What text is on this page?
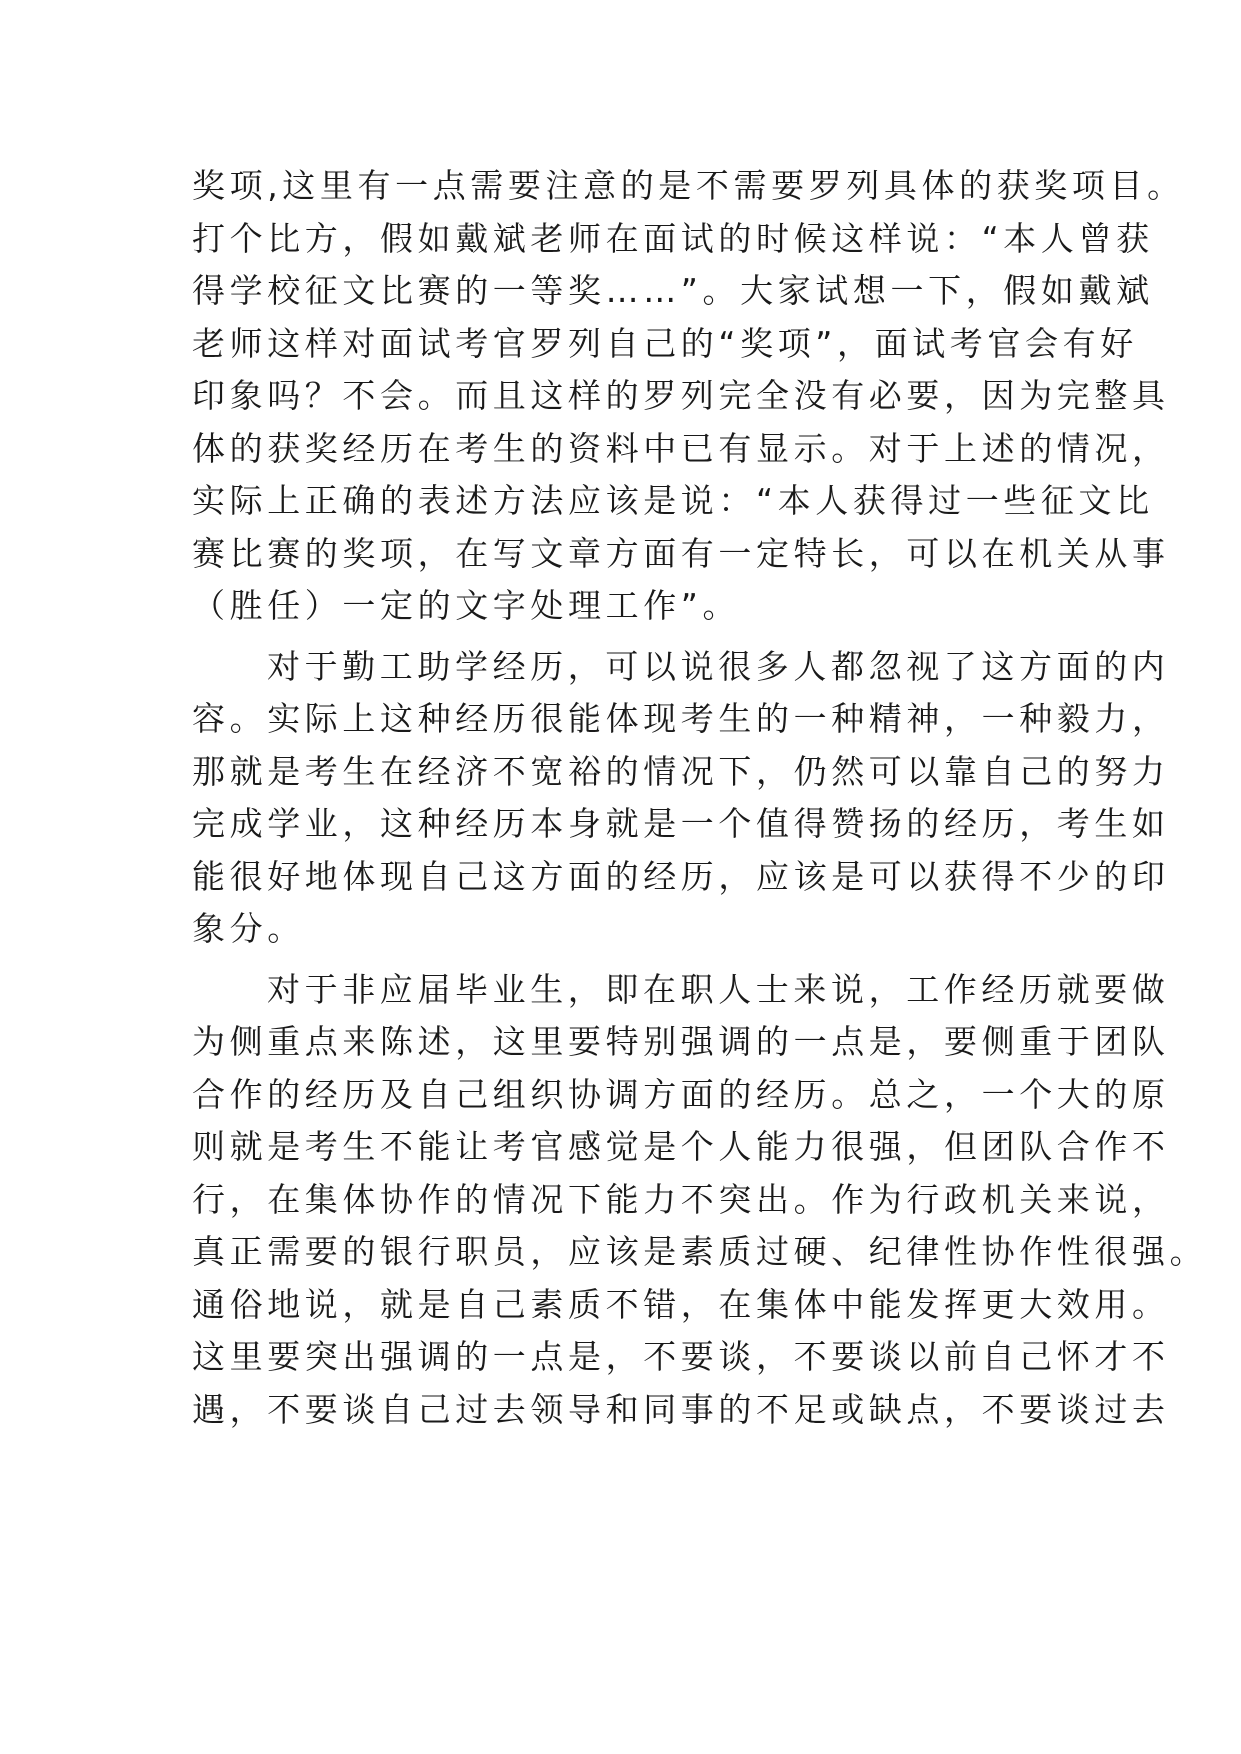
奖项,这里有一点需要注意的是不需要罗列具体的获奖项目。
打个比方，假如戴斌老师在面试的时候这样说：“本人曾获
得学校征文比赛的一等奖……”。大家试想一下，假如戴斌
老师这样对面试考官罗列自己的“奖项”，面试考官会有好
印象吗？不会。而且这样的罗列完全没有必要，因为完整具
体的获奖经历在考生的资料中已有显示。对于上述的情况，
实际上正确的表述方法应该是说：“本人获得过一些征文比
赛比赛的奖项，在写文章方面有一定特长，可以在机关从事
（胜任）一定的文字处理工作”。
对于勤工助学经历，可以说很多人都忽视了这方面的内
容。实际上这种经历很能体现考生的一种精神，一种毅力，
那就是考生在经济不宽裕的情况下，仍然可以靠自己的努力
完成学业，这种经历本身就是一个值得赞扬的经历，考生如
能很好地体现自己这方面的经历，应该是可以获得不少的印
象分。
对于非应届毕业生，即在职人士来说，工作经历就要做
为侧重点来陈述，这里要特别强调的一点是，要侧重于团队
合作的经历及自己组织协调方面的经历。总之，一个大的原
则就是考生不能让考官感觉是个人能力很强，但团队合作不
行，在集体协作的情况下能力不突出。作为行政机关来说，
真正需要的银行职员，应该是素质过硬、纪律性协作性很强。
通俗地说，就是自己素质不错，在集体中能发挥更大效用。
这里要突出强调的一点是，不要谈，不要谈以前自己怀才不
遇，不要谈自己过去领导和同事的不足或缺点，不要谈过去
